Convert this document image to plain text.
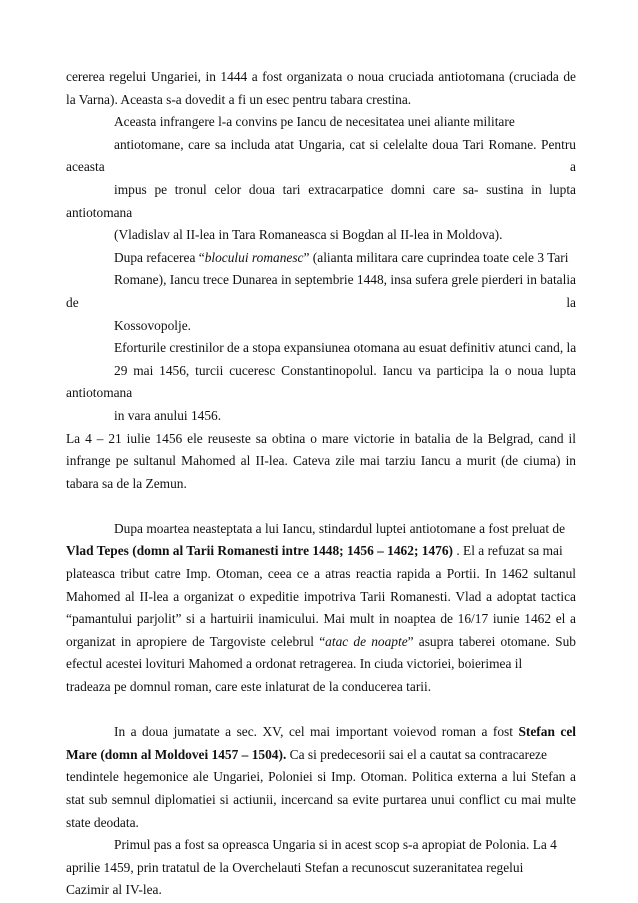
cererea regelui Ungariei, in 1444 a fost organizata o noua cruciada antiotomana (cruciada de
la Varna). Aceasta s-a dovedit a fi un esec pentru tabara crestina.

Aceasta infrangere l-a convins pe Iancu de necesitatea unei aliante militare
antiotomane, care sa includa atat Ungaria, cat si celelalte doua Tari Romane. Pentru aceasta a
impus pe tronul celor doua tari extracarpatice domni care sa- sustina in lupta antiotomana
(Vladislav al II-lea in Tara Romaneasca si Bogdan al II-lea in Moldova).

Dupa refacerea “blocului romanesc” (alianta militara care cuprindea toate cele 3 Tari
Romane), Iancu trece Dunarea in septembrie 1448, insa sufera grele pierderi in batalia de la
Kossovopolje.

Eforturile crestinilor de a stopa expansiunea otomana au esuat definitiv atunci cand, la
29 mai 1456, turcii cuceresc Constantinopolul. Iancu va participa la o noua lupta antiotomana
in vara anului 1456.

La 4 – 21 iulie 1456 ele reuseste sa obtina o mare victorie in batalia de la Belgrad, cand il
infrange pe sultanul Mahomed al II-lea. Cateva zile mai tarziu Iancu a murit (de ciuma) in
tabara sa de la Zemun.

Dupa moartea neasteptata a lui Iancu, stindardul luptei antiotomane a fost preluat de
Vlad Tepes (domn al Tarii Romanesti intre 1448; 1456 – 1462; 1476) . El a refuzat sa mai
plateasca tribut catre Imp. Otoman, ceea ce a atras reactia rapida a Portii. In 1462 sultanul
Mahomed al II-lea a organizat o expeditie impotriva Tarii Romanesti. Vlad a adoptat tactica
“pamantului parjolit” si a hartuirii inamicului. Mai mult in noaptea de 16/17 iunie 1462 el a
organizat in apropiere de Targoviste celebrul “atac de noapte” asupra taberei otomane. Sub
efectul acestei lovituri Mahomed a ordonat retragerea. In ciuda victoriei, boierimea il
tradeaza pe domnul roman, care este inlaturat de la conducerea tarii.

In a doua jumatate a sec. XV, cel mai important voievod roman a fost Stefan cel
Mare (domn al Moldovei 1457 – 1504). Ca si predecesorii sai el a cautat sa contracareze
tendintele hegemonice ale Ungariei, Poloniei si Imp. Otoman. Politica externa a lui Stefan a
stat sub semnul diplomatiei si actiunii, incercand sa evite purtarea unui conflict cu mai multe
state deodata.

Primul pas a fost sa opreasca Ungaria si in acest scop s-a apropiat de Polonia. La 4
aprilie 1459, prin tratatul de la Overchelauti Stefan a recunoscut suzeranitatea regelui
Cazimir al IV-lea.
